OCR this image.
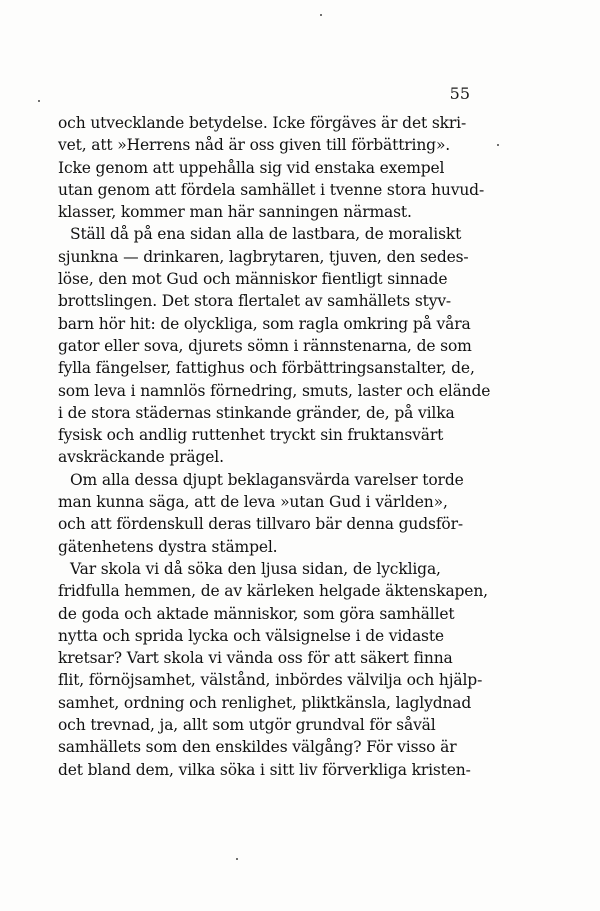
55

och utvecklande betydelse. Icke förgäves är det skri-
vet, att »Herrens nåd är oss given till förbättring».
Icke genom att uppehålla sig vid enstaka exempel
utan genom att fördela samhället i tvenne stora huvud-
klasser, kommer man här sanningen närmast.
Ställ då på ena sidan alla de lastbara, de moraliskt
sjunkna — drinkaren, lagbrytaren, tjuven, den sedes-
löse, den mot Gud och människor fientligt sinnade
brottslingen. Det stora flertalet av samhällets styv-
barn hör hit: de olyckliga, som ragla omkring på våra
gator eller sova, djurets sömn i rännstenarna, de som
fylla fängelser, fattighus och förbättringsanstalter, de,
som leva i namnlös förnedring, smuts, laster och elände
i de stora städernas stinkande gränder, de, på vilka
fysisk och andlig ruttenhet tryckt sin fruktansvärt
avskräckande prägel.
Om alla dessa djupt beklagansvärda varelser torde
man kunna säga, att de leva »utan Gud i världen»,
och att fördenskull deras tillvaro bär denna gudsför-
gätenhetens dystra stämpel.
Var skola vi då söka den ljusa sidan, de lyckliga,
fridfulla hemmen, de av kärleken helgade äktenskapen,
de goda och aktade människor, som göra samhället
nytta och sprida lycka och välsignelse i de vidaste
kretsar? Vart skola vi vända oss för att säkert finna
flit, förnöjsamhet, välstånd, inbördes välvilja och hjälp-
samhet, ordning och renlighet, pliktkänsla, laglydnad
och trevnad, ja, allt som utgör grundval för såväl
samhällets som den enskildes välgång? För visso är
det bland dem, vilka söka i sitt liv förverkliga kristen-
